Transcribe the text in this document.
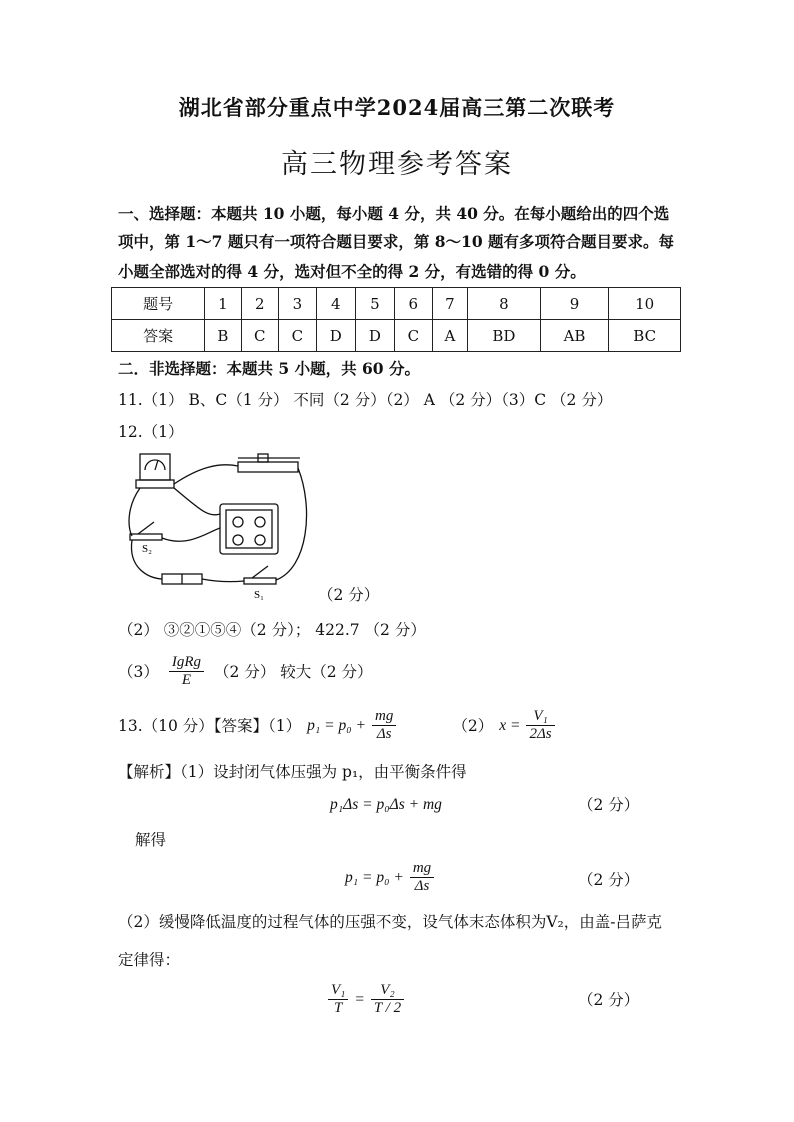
湖北省部分重点中学2024届高三第二次联考
高三物理参考答案
一、选择题：本题共 10 小题，每小题 4 分，共 40 分。在每小题给出的四个选
项中，第 1～7 题只有一项符合题目要求，第 8～10 题有多项符合题目要求。每
小题全部选对的得 4 分，选对但不全的得 2 分，有选错的得 0 分。
题号	1	2	3	4	5	6	7	8	9	10
答案	B	C	C	D	D	C	A	BD	AB	BC
二．非选择题：本题共 5 小题，共 60 分。
11.（1） B、C（1 分） 不同（2 分）（2） A （2 分）（3）C （2 分）
12.（1）
S₂
S₁	（2 分）
（2） ③②①⑤④（2 分）； 422.7 （2 分）
$(3) \frac{\text{IgRg}}{E} (2$ 分） 较大（2 分）
13.（10 分）【答案】（1） $p_1 = p_0 + \frac{mg}{\Delta s}$	（2） $x = \frac{\text{V₁}}{2\Delta s}$
【解析】（1）设封闭气体压强为 p₁，由平衡条件得
p₁Δs = p₀Δs + mg	（2 分）
解得
$p_1 = p_0 + \frac{mg}{\Delta s}$	（2 分）
（2）缓慢降低温度的过程气体的压强不变，设气体末态体积为V₂，由盖-吕萨克
定律得：
$\frac{\text{V₁}}{T} = \frac{\text{V₂}}{T / 2}$	（2 分）
